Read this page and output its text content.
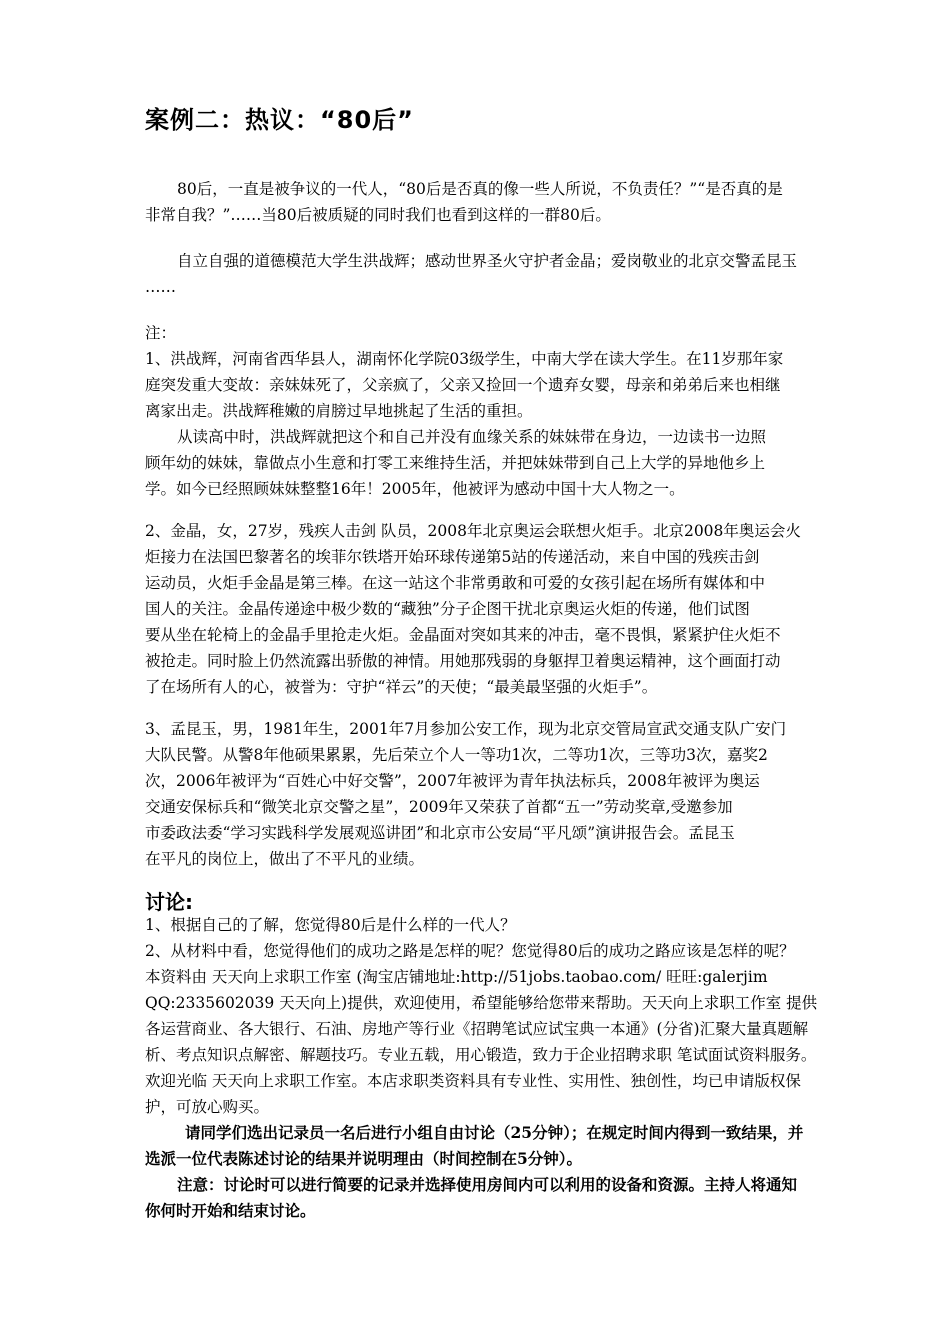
案例二：热议：“80后”
80后，一直是被争议的一代人，“80后是否真的像一些人所说，不负责任？”“是否真的是
非常自我？”……当80后被质疑的同时我们也看到这样的一群80后。
自立自强的道德模范大学生洪战辉；感动世界圣火守护者金晶；爱岗敬业的北京交警孟昆玉
……
注：
1、洪战辉，河南省西华县人，湖南怀化学院03级学生，中南大学在读大学生。在11岁那年家
庭突发重大变故：亲妹妹死了，父亲疯了，父亲又捡回一个遗弃女婴，母亲和弟弟后来也相继
离家出走。洪战辉稚嫩的肩膀过早地挑起了生活的重担。
从读高中时，洪战辉就把这个和自己并没有血缘关系的妹妹带在身边，一边读书一边照
顾年幼的妹妹，靠做点小生意和打零工来维持生活，并把妹妹带到自己上大学的异地他乡上
学。如今已经照顾妹妹整整16年！2005年，他被评为感动中国十大人物之一。
2、金晶，女，27岁，残疾人击剑 队员，2008年北京奥运会联想火炬手。北京2008年奥运会火
炬接力在法国巴黎著名的埃菲尔铁塔开始环球传递第5站的传递活动，来自中国的残疾击剑
运动员，火炬手金晶是第三棒。在这一站这个非常勇敢和可爱的女孩引起在场所有媒体和中
国人的关注。金晶传递途中极少数的“藏独”分子企图干扰北京奥运火炬的传递，他们试图
要从坐在轮椅上的金晶手里抢走火炬。金晶面对突如其来的冲击，毫不畏惧，紧紧护住火炬不
被抢走。同时脸上仍然流露出骄傲的神情。用她那残弱的身躯捍卫着奥运精神，这个画面打动
了在场所有人的心，被誉为：守护“祥云”的天使；“最美最坚强的火炬手”。
3、孟昆玉，男，1981年生，2001年7月参加公安工作，现为北京交管局宣武交通支队广安门
大队民警。从警8年他硕果累累，先后荣立个人一等功1次，二等功1次，三等功3次，嘉奖2
次，2006年被评为“百姓心中好交警”，2007年被评为青年执法标兵，2008年被评为奥运
交通安保标兵和“微笑北京交警之星”，2009年又荣获了首都“五一”劳动奖章,受邀参加
市委政法委“学习实践科学发展观巡讲团”和北京市公安局“平凡颂”演讲报告会。孟昆玉
在平凡的岗位上，做出了不平凡的业绩。
讨论:
1、根据自己的了解，您觉得80后是什么样的一代人？
2、从材料中看，您觉得他们的成功之路是怎样的呢？您觉得80后的成功之路应该是怎样的呢？
本资料由 天天向上求职工作室 (淘宝店铺地址:http://51jobs.taobao.com/ 旺旺:galerjim
QQ:2335602039 天天向上)提供，欢迎使用，希望能够给您带来帮助。天天向上求职工作室 提供
各运营商业、各大银行、石油、房地产等行业《招聘笔试应试宝典一本通》(分省)汇聚大量真题解
析、考点知识点解密、解题技巧。专业五载，用心锻造，致力于企业招聘求职 笔试面试资料服务。
欢迎光临 天天向上求职工作室。本店求职类资料具有专业性、实用性、独创性，均已申请版权保
护，可放心购买。
请同学们选出记录员一名后进行小组自由讨论（25分钟）；在规定时间内得到一致结果，并
选派一位代表陈述讨论的结果并说明理由（时间控制在5分钟）。
注意：讨论时可以进行简要的记录并选择使用房间内可以利用的设备和资源。主持人将通知
你何时开始和结束讨论。
